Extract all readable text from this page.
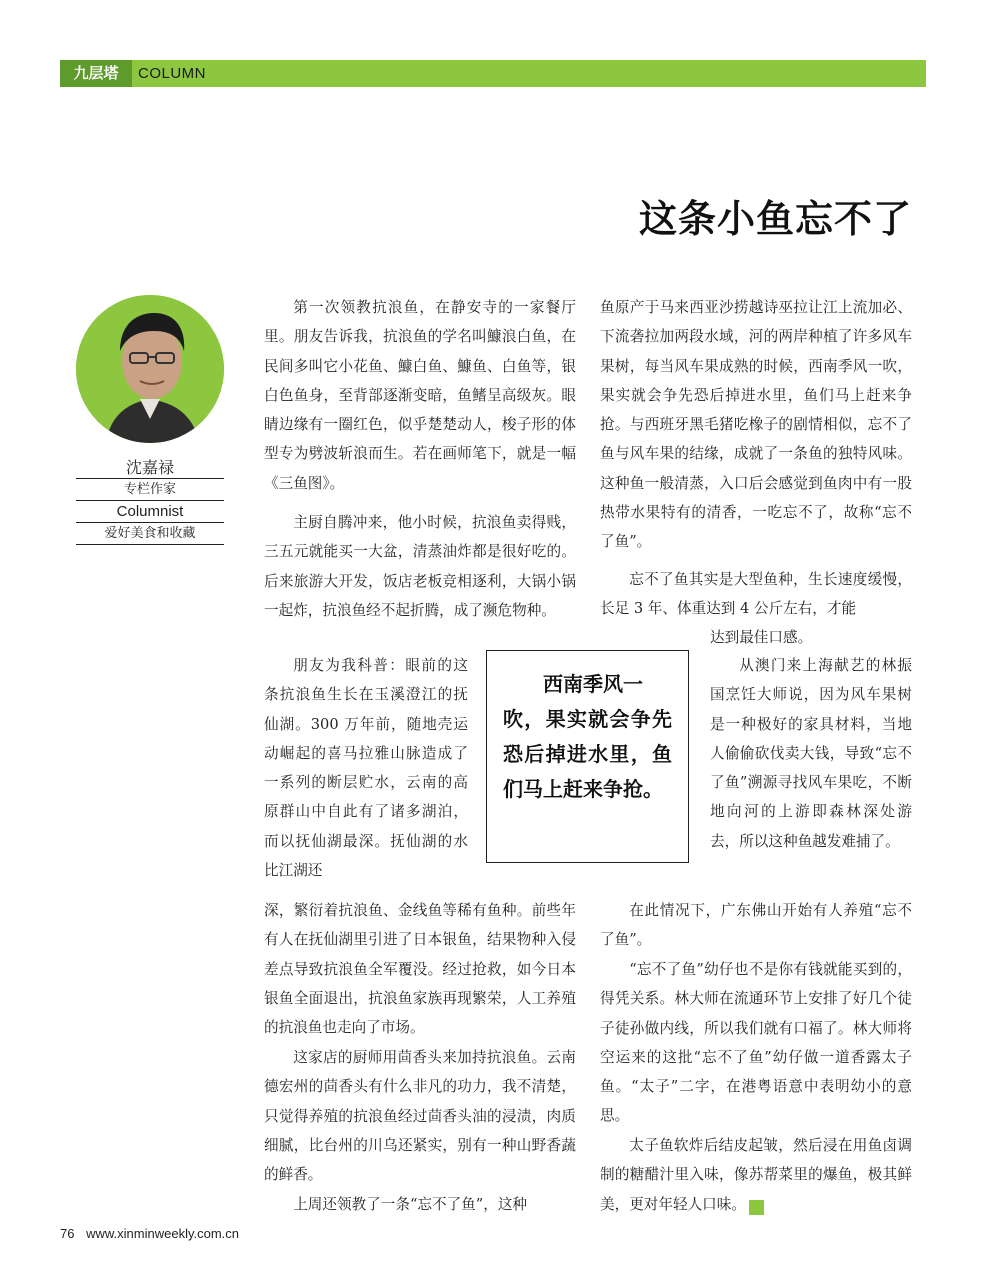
九层塔	COLUMN
这条小鱼忘不了
沈嘉禄
专栏作家
Columnist
爱好美食和收藏

第一次领教抗浪鱼，在静安寺的一家餐厅里。朋友告诉我，抗浪鱼的学名叫鱇浪白鱼，在民间多叫它小花鱼、鱇白鱼、鱇鱼、白鱼等，银白色鱼身，至背部逐渐变暗，鱼鳍呈高级灰。眼睛边缘有一圈红色，似乎楚楚动人，梭子形的体型专为劈波斩浪而生。若在画师笔下，就是一幅《三鱼图》。

主厨自腾冲来，他小时候，抗浪鱼卖得贱，三五元就能买一大盆，清蒸油炸都是很好吃的。后来旅游大开发，饭店老板竞相逐利，大锅小锅一起炸，抗浪鱼经不起折腾，成了濒危物种。

朋友为我科普：眼前的这条抗浪鱼生长在玉溪澄江的抚仙湖。300 万年前，随地壳运动崛起的喜马拉雅山脉造成了一系列的断层贮水，云南的高原群山中自此有了诸多湖泊，而以抚仙湖最深。抚仙湖的水比江湖还

深，繁衍着抗浪鱼、金线鱼等稀有鱼种。前些年有人在抚仙湖里引进了日本银鱼，结果物种入侵差点导致抗浪鱼全军覆没。经过抢救，如今日本银鱼全面退出，抗浪鱼家族再现繁荣，人工养殖的抗浪鱼也走向了市场。

这家店的厨师用茴香头来加持抗浪鱼。云南德宏州的茴香头有什么非凡的功力，我不清楚，只觉得养殖的抗浪鱼经过茴香头油的浸渍，肉质细腻，比台州的川乌还紧实，别有一种山野香蔬的鲜香。

上周还领教了一条“忘不了鱼”，这种

鱼原产于马来西亚沙捞越诗巫拉让江上流加必、下流砻拉加两段水域，河的两岸种植了许多风车果树，每当风车果成熟的时候，西南季风一吹，果实就会争先恐后掉进水里，鱼们马上赶来争抢。与西班牙黑毛猪吃橡子的剧情相似，忘不了鱼与风车果的结缘，成就了一条鱼的独特风味。这种鱼一般清蒸，入口后会感觉到鱼肉中有一股热带水果特有的清香，一吃忘不了，故称“忘不了鱼”。

忘不了鱼其实是大型鱼种，生长速度缓慢，长足 3 年、体重达到 4 公斤左右，才能

达到最佳口感。

从澳门来上海献艺的林振国烹饪大师说，因为风车果树是一种极好的家具材料，当地人偷偷砍伐卖大钱，导致“忘不了鱼”溯源寻找风车果吃，不断地向河的上游即森林深处游去，所以这种鱼越发难捕了。

在此情况下，广东佛山开始有人养殖“忘不了鱼”。

“忘不了鱼”幼仔也不是你有钱就能买到的，得凭关系。林大师在流通环节上安排了好几个徒子徒孙做内线，所以我们就有口福了。林大师将空运来的这批“忘不了鱼”幼仔做一道香露太子鱼。“太子”二字，在港粤语意中表明幼小的意思。

太子鱼软炸后结皮起皱，然后浸在用鱼卤调制的糖醋汁里入味，像苏帮菜里的爆鱼，极其鲜美，更对年轻人口味。	民

西南季风一
吹，果实就会争先恐后掉进水里，鱼们马上赶来争抢。
76 www.xinminweekly.com.cn
